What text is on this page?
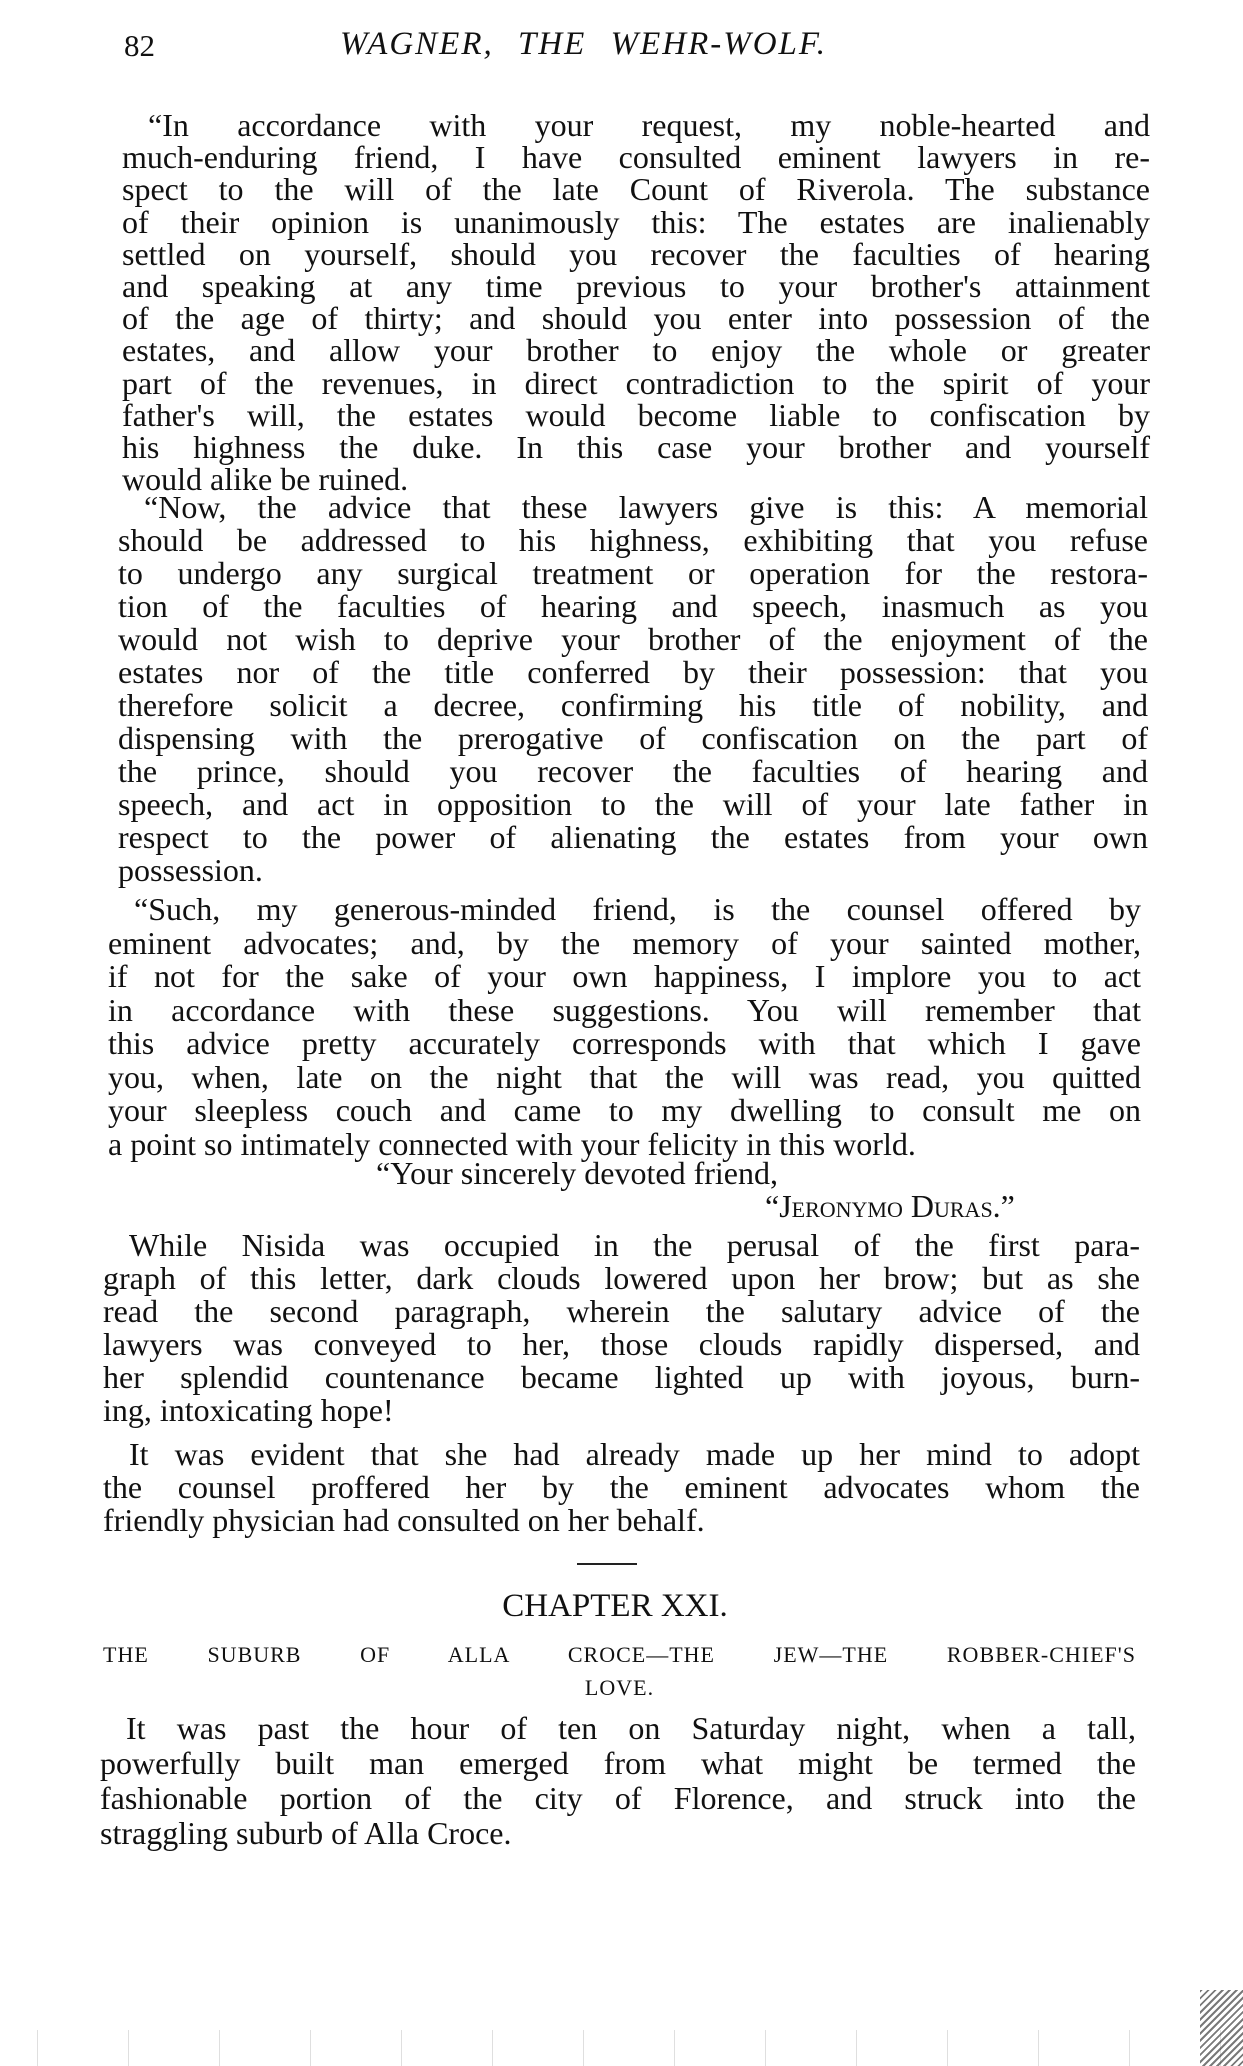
82	WAGNER, THE WEHR-WOLF.
“In accordance with your request, my noble-hearted and
much-enduring friend, I have consulted eminent lawyers in re-
spect to the will of the late Count of Riverola. The substance
of their opinion is unanimously this: The estates are inalienably
settled on yourself, should you recover the faculties of hearing
and speaking at any time previous to your brother's attainment
of the age of thirty; and should you enter into possession of the
estates, and allow your brother to enjoy the whole or greater
part of the revenues, in direct contradiction to the spirit of your
father's will, the estates would become liable to confiscation by
his highness the duke. In this case your brother and yourself
would alike be ruined.
“Now, the advice that these lawyers give is this: A memorial
should be addressed to his highness, exhibiting that you refuse
to undergo any surgical treatment or operation for the restora-
tion of the faculties of hearing and speech, inasmuch as you
would not wish to deprive your brother of the enjoyment of the
estates nor of the title conferred by their possession: that you
therefore solicit a decree, confirming his title of nobility, and
dispensing with the prerogative of confiscation on the part of
the prince, should you recover the faculties of hearing and
speech, and act in opposition to the will of your late father in
respect to the power of alienating the estates from your own
possession.
“Such, my generous-minded friend, is the counsel offered by
eminent advocates; and, by the memory of your sainted mother,
if not for the sake of your own happiness, I implore you to act
in accordance with these suggestions. You will remember that
this advice pretty accurately corresponds with that which I gave
you, when, late on the night that the will was read, you quitted
your sleepless couch and came to my dwelling to consult me on
a point so intimately connected with your felicity in this world.
“Your sincerely devoted friend,
“Jeronymo Duras.”
While Nisida was occupied in the perusal of the first para-
graph of this letter, dark clouds lowered upon her brow; but as she
read the second paragraph, wherein the salutary advice of the
lawyers was conveyed to her, those clouds rapidly dispersed, and
her splendid countenance became lighted up with joyous, burn-
ing, intoxicating hope!
It was evident that she had already made up her mind to adopt
the counsel proffered her by the eminent advocates whom the
friendly physician had consulted on her behalf.
CHAPTER XXI.
THE SUBURB OF ALLA CROCE—THE JEW—THE ROBBER-CHIEF'S
LOVE.
It was past the hour of ten on Saturday night, when a tall,
powerfully built man emerged from what might be termed the
fashionable portion of the city of Florence, and struck into the
straggling suburb of Alla Croce.
